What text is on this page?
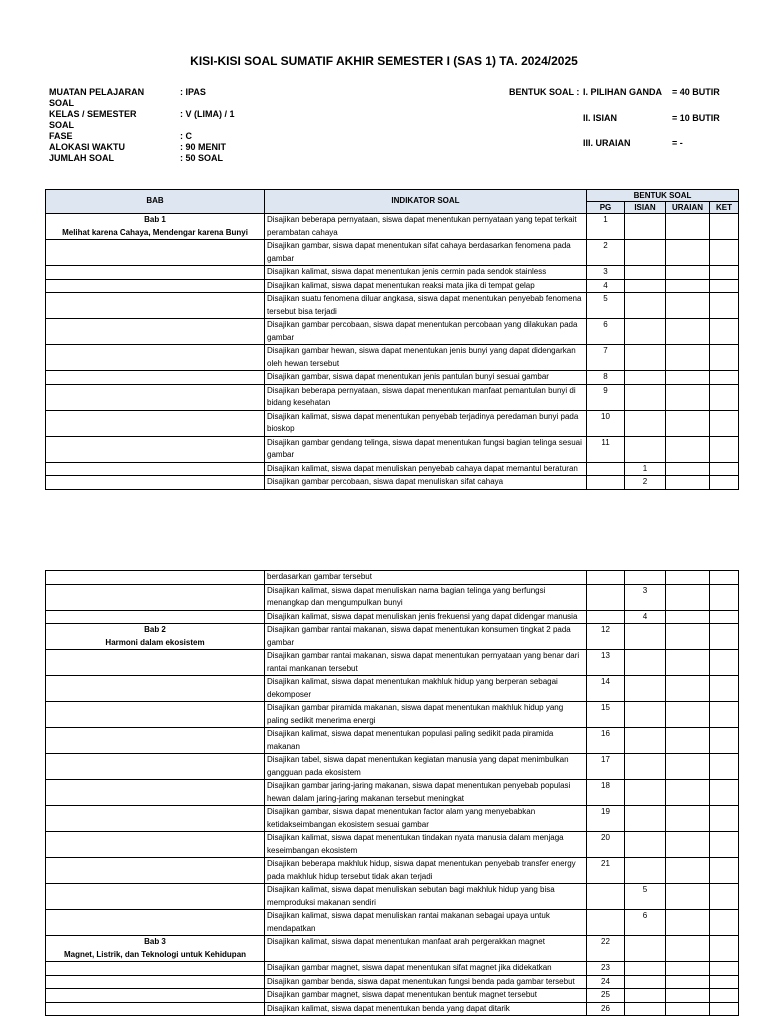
KISI-KISI SOAL SUMATIF AKHIR SEMESTER I (SAS 1) TA. 2024/2025
MUATAN PELAJARAN	: IPAS
SOAL
KELAS / SEMESTER	: V (LIMA) / 1
SOAL
FASE	: C
ALOKASI WAKTU	: 90 MENIT
JUMLAH SOAL	: 50 SOAL
BENTUK SOAL : I. PILIHAN GANDA	= 40 BUTIR
II. ISIAN	= 10 BUTIR
III. URAIAN	= -
BAB	INDIKATOR SOAL	BENTUK SOAL			
		PG	ISIAN	URAIAN	KET

Bab 1
Melihat karena Cahaya, Mendengar karena Bunyi	Disajikan beberapa pernyataan, siswa dapat menentukan pernyataan yang tepat terkait perambatan cahaya	1			

	Disajikan gambar, siswa dapat menentukan sifat cahaya berdasarkan fenomena pada gambar	2			

	Disajikan kalimat, siswa dapat menentukan jenis cermin pada sendok stainless	3			

	Disajikan kalimat, siswa dapat menentukan reaksi mata jika di tempat gelap	4			

	Disajikan suatu fenomena diluar angkasa, siswa dapat menentukan penyebab fenomena tersebut bisa terjadi	5			

	Disajikan gambar percobaan, siswa dapat menentukan percobaan yang dilakukan pada gambar	6			

	Disajikan gambar hewan, siswa dapat menentukan jenis bunyi yang dapat didengarkan oleh hewan tersebut	7			

	Disajikan gambar, siswa dapat menentukan jenis pantulan bunyi sesuai gambar	8			

	Disajikan beberapa pernyataan, siswa dapat menentukan manfaat pemantulan bunyi di bidang kesehatan	9			

	Disajikan kalimat, siswa dapat menentukan penyebab terjadinya peredaman bunyi pada bioskop	10			

	Disajikan gambar gendang telinga, siswa dapat menentukan fungsi bagian telinga sesuai gambar	11			

	Disajikan kalimat, siswa dapat menuliskan penyebab cahaya dapat memantul beraturan		1		

	Disajikan gambar percobaan, siswa dapat menuliskan sifat cahaya		2		
	berdasarkan gambar tersebut				

	Disajikan kalimat, siswa dapat menuliskan nama bagian telinga yang berfungsi menangkap dan mengumpulkan bunyi		3		

	Disajikan kalimat, siswa dapat menuliskan jenis frekuensi yang dapat didengar manusia		4		

Bab 2
Harmoni dalam ekosistem	Disajikan gambar rantai makanan, siswa dapat menentukan konsumen tingkat 2 pada gambar	12			

	Disajikan gambar rantai makanan, siswa dapat menentukan pernyataan yang benar dari rantai mankanan tersebut	13			

	Disajikan kalimat, siswa dapat menentukan makhluk hidup yang berperan sebagai dekomposer	14			

	Disajikan gambar piramida makanan, siswa dapat menentukan makhluk hidup yang paling sedikit menerima energi	15			

	Disajikan kalimat, siswa dapat menentukan populasi paling sedikit pada piramida makanan	16			

	Disajikan tabel, siswa dapat menentukan kegiatan manusia yang dapat menimbulkan gangguan pada ekosistem	17			

	Disajikan gambar jaring-jaring makanan, siswa dapat menentukan penyebab populasi hewan dalam jaring-jaring makanan tersebut meningkat	18			

	Disajikan gambar, siswa dapat menentukan factor alam yang menyebabkan ketidakseimbangan ekosistem sesuai gambar	19			

	Disajikan kalimat, siswa dapat menentukan tindakan nyata manusia dalam menjaga keseimbangan ekosistem	20			

	Disajikan beberapa makhluk hidup, siswa dapat menentukan penyebab transfer energy pada makhluk hidup tersebut tidak akan terjadi	21			

	Disajikan kalimat, siswa dapat menuliskan sebutan bagi makhluk hidup yang bisa memproduksi makanan sendiri		5		

	Disajikan kalimat, siswa dapat menuliskan rantai makanan sebagai upaya untuk mendapatkan		6		

Bab 3
Magnet, Listrik, dan Teknologi untuk Kehidupan	Disajikan kalimat, siswa dapat menentukan manfaat arah pergerakkan magnet	22			

	Disajikan gambar magnet, siswa dapat menentukan sifat magnet jika didekatkan	23			

	Disajikan gambar benda, siswa dapat menentukan fungsi benda pada gambar tersebut	24			

	Disajikan gambar magnet, siswa dapat menentukan bentuk magnet tersebut	25			

	Disajikan kalimat, siswa dapat menentukan benda yang dapat ditarik	26			
